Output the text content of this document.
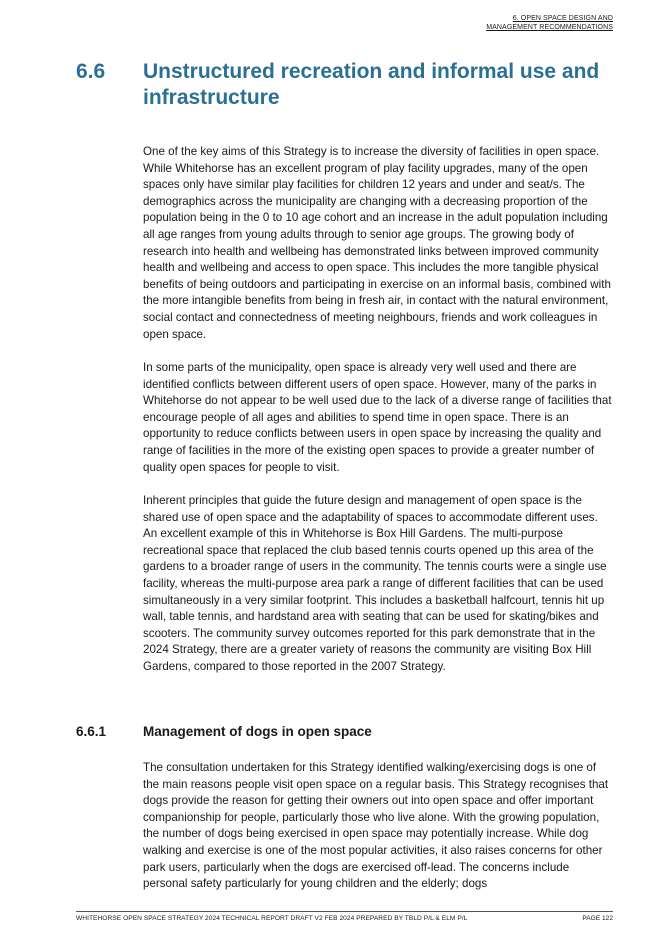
6. OPEN SPACE DESIGN AND
MANAGEMENT RECOMMENDATIONS
6.6 Unstructured recreation and informal use and infrastructure

One of the key aims of this Strategy is to increase the diversity of facilities in open space. While Whitehorse has an excellent program of play facility upgrades, many of the open spaces only have similar play facilities for children 12 years and under and seat/s. The demographics across the municipality are changing with a decreasing proportion of the population being in the 0 to 10 age cohort and an increase in the adult population including all age ranges from young adults through to senior age groups. The growing body of research into health and wellbeing has demonstrated links between improved community health and wellbeing and access to open space. This includes the more tangible physical benefits of being outdoors and participating in exercise on an informal basis, combined with the more intangible benefits from being in fresh air, in contact with the natural environment, social contact and connectedness of meeting neighbours, friends and work colleagues in open space.

In some parts of the municipality, open space is already very well used and there are identified conflicts between different users of open space. However, many of the parks in Whitehorse do not appear to be well used due to the lack of a diverse range of facilities that encourage people of all ages and abilities to spend time in open space. There is an opportunity to reduce conflicts between users in open space by increasing the quality and range of facilities in the more of the existing open spaces to provide a greater number of quality open spaces for people to visit.

Inherent principles that guide the future design and management of open space is the shared use of open space and the adaptability of spaces to accommodate different uses. An excellent example of this in Whitehorse is Box Hill Gardens. The multi-purpose recreational space that replaced the club based tennis courts opened up this area of the gardens to a broader range of users in the community. The tennis courts were a single use facility, whereas the multi-purpose area park a range of different facilities that can be used simultaneously in a very similar footprint. This includes a basketball halfcourt, tennis hit up wall, table tennis, and hardstand area with seating that can be used for skating/bikes and scooters. The community survey outcomes reported for this park demonstrate that in the 2024 Strategy, there are a greater variety of reasons the community are visiting Box Hill Gardens, compared to those reported in the 2007 Strategy.

6.6.1	Management of dogs in open space

The consultation undertaken for this Strategy identified walking/exercising dogs is one of the main reasons people visit open space on a regular basis. This Strategy recognises that dogs provide the reason for getting their owners out into open space and offer important companionship for people, particularly those who live alone. With the growing population, the number of dogs being exercised in open space may potentially increase. While dog walking and exercise is one of the most popular activities, it also raises concerns for other park users, particularly when the dogs are exercised off-lead. The concerns include personal safety particularly for young children and the elderly; dogs

WHITEHORSE OPEN SPACE STRATEGY 2024 TECHNICAL REPORT DRAFT V2 FEB 2024 PREPARED BY TBLD P/L & ELM P/L	PAGE 122
